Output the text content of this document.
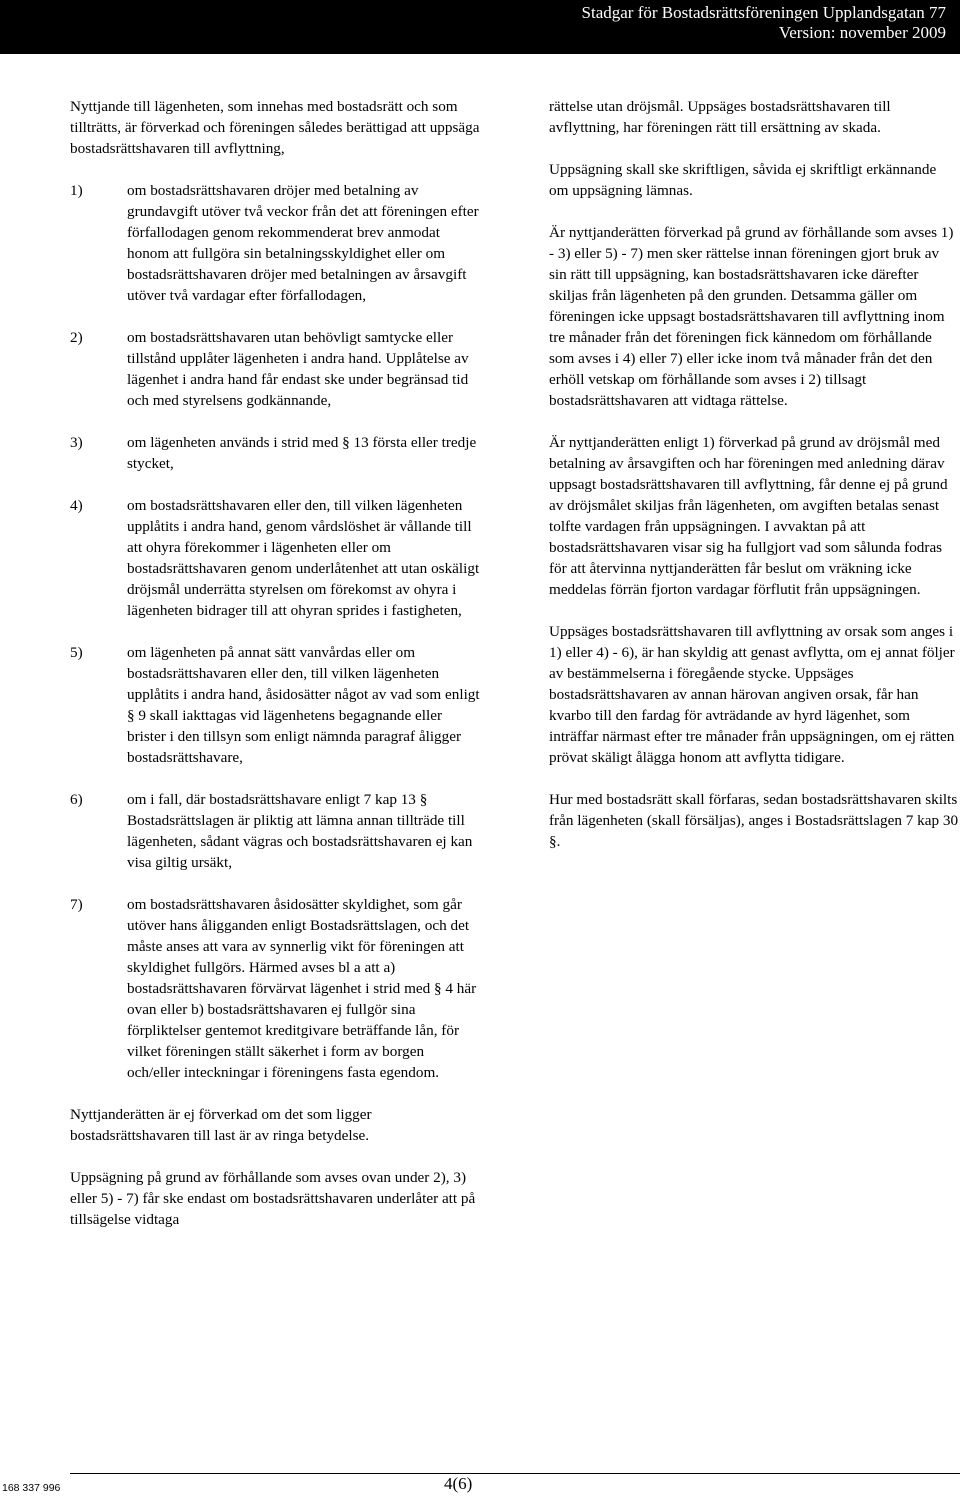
Stadgar för Bostadsrättsföreningen Upplandsgatan 77
Version: november 2009

Nyttjande till lägenheten, som innehas med bostadsrätt och som tillträtts, är förverkad och föreningen således berättigad att uppsäga bostadsrättshavaren till avflyttning,

1)	om bostadsrättshavaren dröjer med betalning av grundavgift utöver två veckor från det att föreningen efter förfallodagen genom rekommenderat brev anmodat honom att fullgöra sin betalningsskyldighet eller om bostadsrättshavaren dröjer med betalningen av årsavgift utöver två vardagar efter förfallodagen,
2)	om bostadsrättshavaren utan behövligt samtycke eller tillstånd upplåter lägenheten i andra hand. Upplåtelse av lägenhet i andra hand får endast ske under begränsad tid och med styrelsens godkännande,
3)	om lägenheten används i strid med § 13 första eller tredje stycket,
4)	om bostadsrättshavaren eller den, till vilken lägenheten upplåtits i andra hand, genom vårdslöshet är vållande till att ohyra förekommer i lägenheten eller om bostadsrättshavaren genom underlåtenhet att utan oskäligt dröjsmål underrätta styrelsen om förekomst av ohyra i lägenheten bidrager till att ohyran sprides i fastigheten,
5)	om lägenheten på annat sätt vanvårdas eller om bostadsrättshavaren eller den, till vilken lägenheten upplåtits i andra hand, åsidosätter något av vad som enligt § 9 skall iakttagas vid lägenhetens begagnande eller brister i den tillsyn som enligt nämnda paragraf åligger bostadsrättshavare,
6)	om i fall, där bostadsrättshavare enligt 7 kap 13 § Bostadsrättslagen är pliktig att lämna annan tillträde till lägenheten, sådant vägras och bostadsrättshavaren ej kan visa giltig ursäkt,
7)	om bostadsrättshavaren åsidosätter skyldighet, som går utöver hans åligganden enligt Bostadsrättslagen, och det måste anses att vara av synnerlig vikt för föreningen att skyldighet fullgörs. Härmed avses bl a att a) bostadsrättshavaren förvärvat lägenhet i strid med § 4 här ovan eller b) bostadsrättshavaren ej fullgör sina förpliktelser gentemot kreditgivare beträffande lån, för vilket föreningen ställt säkerhet i form av borgen och/eller inteckningar i föreningens fasta egendom.

Nyttjanderätten är ej förverkad om det som ligger bostadsrättshavaren till last är av ringa betydelse.

Uppsägning på grund av förhållande som avses ovan under 2), 3) eller 5) - 7) får ske endast om bostadsrättshavaren underlåter att på tillsägelse vidtaga

rättelse utan dröjsmål. Uppsäges bostadsrättshavaren till avflyttning, har föreningen rätt till ersättning av skada.

Uppsägning skall ske skriftligen, såvida ej skriftligt erkännande om uppsägning lämnas.

Är nyttjanderätten förverkad på grund av förhållande som avses 1) - 3) eller 5) - 7) men sker rättelse innan föreningen gjort bruk av sin rätt till uppsägning, kan bostadsrättshavaren icke därefter skiljas från lägenheten på den grunden. Detsamma gäller om föreningen icke uppsagt bostadsrättshavaren till avflyttning inom tre månader från det föreningen fick kännedom om förhållande som avses i 4) eller 7) eller icke inom två månader från det den erhöll vetskap om förhållande som avses i 2) tillsagt bostadsrättshavaren att vidtaga rättelse.

Är nyttjanderätten enligt 1) förverkad på grund av dröjsmål med betalning av årsavgiften och har föreningen med anledning därav uppsagt bostadsrättshavaren till avflyttning, får denne ej på grund av dröjsmålet skiljas från lägenheten, om avgiften betalas senast tolfte vardagen från uppsägningen. I avvaktan på att bostadsrättshavaren visar sig ha fullgjort vad som sålunda fodras för att återvinna nyttjanderätten får beslut om vräkning icke meddelas förrän fjorton vardagar förflutit från uppsägningen.

Uppsäges bostadsrättshavaren till avflyttning av orsak som anges i 1) eller 4) - 6), är han skyldig att genast avflytta, om ej annat följer av bestämmelserna i föregående stycke. Uppsäges bostadsrättshavaren av annan härovan angiven orsak, får han kvarbo till den fardag för avträdande av hyrd lägenhet, som inträffar närmast efter tre månader från uppsägningen, om ej rätten prövat skäligt ålägga honom att avflytta tidigare.

Hur med bostadsrätt skall förfaras, sedan bostadsrättshavaren skilts från lägenheten (skall försäljas), anges i Bostadsrättslagen 7 kap 30 §.

168 337 996	4(6)
